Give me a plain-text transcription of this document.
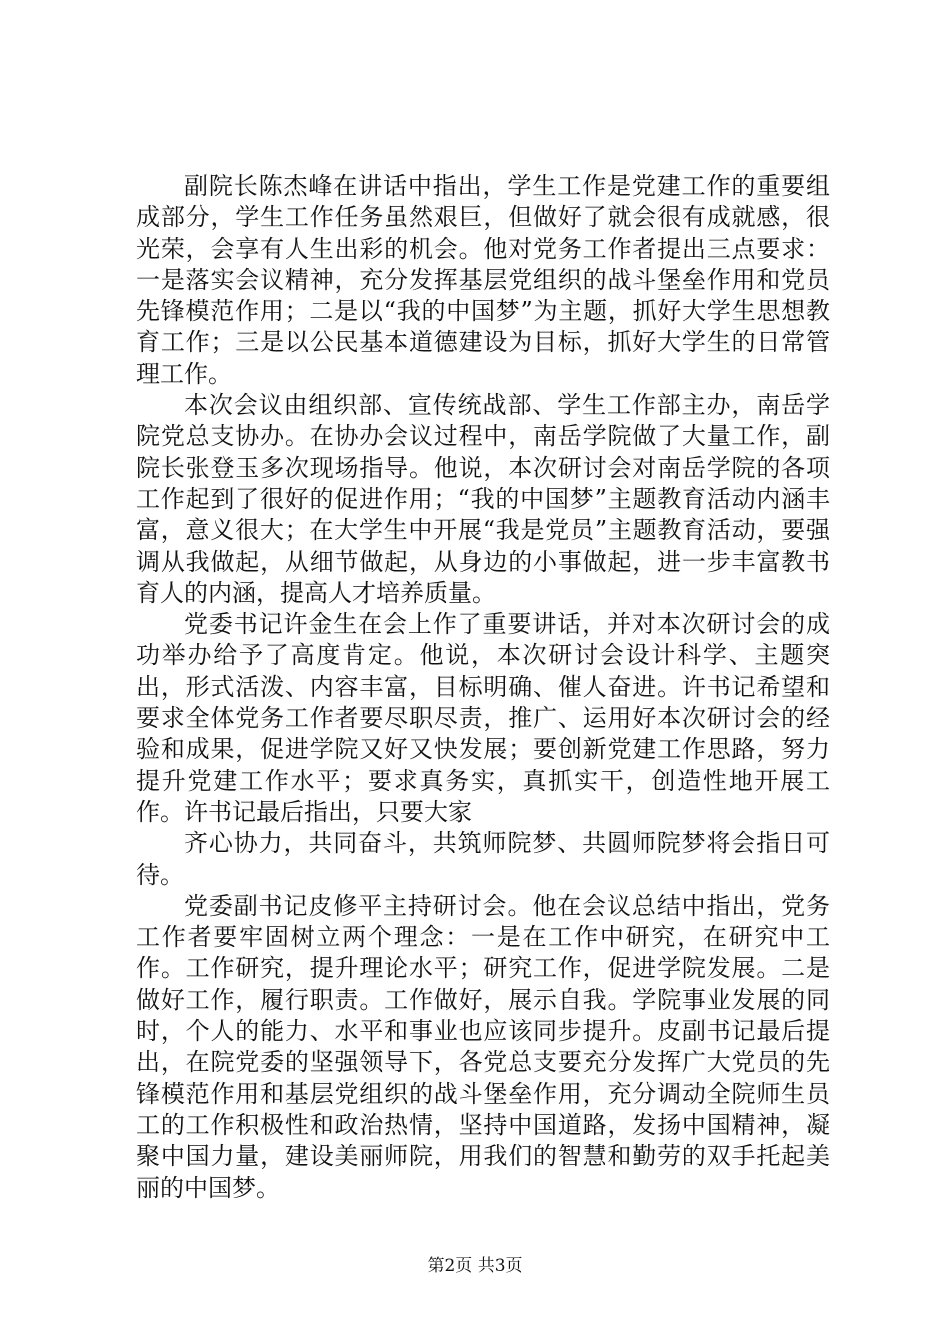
副院长陈杰峰在讲话中指出，学生工作是党建工作的重要组成部分，学生工作任务虽然艰巨，但做好了就会很有成就感，很光荣，会享有人生出彩的机会。他对党务工作者提出三点要求：一是落实会议精神，充分发挥基层党组织的战斗堡垒作用和党员先锋模范作用；二是以“我的中国梦”为主题，抓好大学生思想教育工作；三是以公民基本道德建设为目标，抓好大学生的日常管理工作。

本次会议由组织部、宣传统战部、学生工作部主办，南岳学院党总支协办。在协办会议过程中，南岳学院做了大量工作，副院长张登玉多次现场指导。他说，本次研讨会对南岳学院的各项工作起到了很好的促进作用；“我的中国梦”主题教育活动内涵丰富，意义很大；在大学生中开展“我是党员”主题教育活动，要强调从我做起，从细节做起，从身边的小事做起，进一步丰富教书育人的内涵，提高人才培养质量。

党委书记许金生在会上作了重要讲话，并对本次研讨会的成功举办给予了高度肯定。他说，本次研讨会设计科学、主题突出，形式活泼、内容丰富，目标明确、催人奋进。许书记希望和要求全体党务工作者要尽职尽责，推广、运用好本次研讨会的经验和成果，促进学院又好又快发展；要创新党建工作思路，努力提升党建工作水平；要求真务实，真抓实干，创造性地开展工作。许书记最后指出，只要大家

齐心协力，共同奋斗，共筑师院梦、共圆师院梦将会指日可待。

党委副书记皮修平主持研讨会。他在会议总结中指出，党务工作者要牢固树立两个理念：一是在工作中研究，在研究中工作。工作研究，提升理论水平；研究工作，促进学院发展。二是做好工作，履行职责。工作做好，展示自我。学院事业发展的同时，个人的能力、水平和事业也应该同步提升。皮副书记最后提出，在院党委的坚强领导下，各党总支要充分发挥广大党员的先锋模范作用和基层党组织的战斗堡垒作用，充分调动全院师生员工的工作积极性和政治热情，坚持中国道路，发扬中国精神，凝聚中国力量，建设美丽师院，用我们的智慧和勤劳的双手托起美丽的中国梦。

第2页 共3页
